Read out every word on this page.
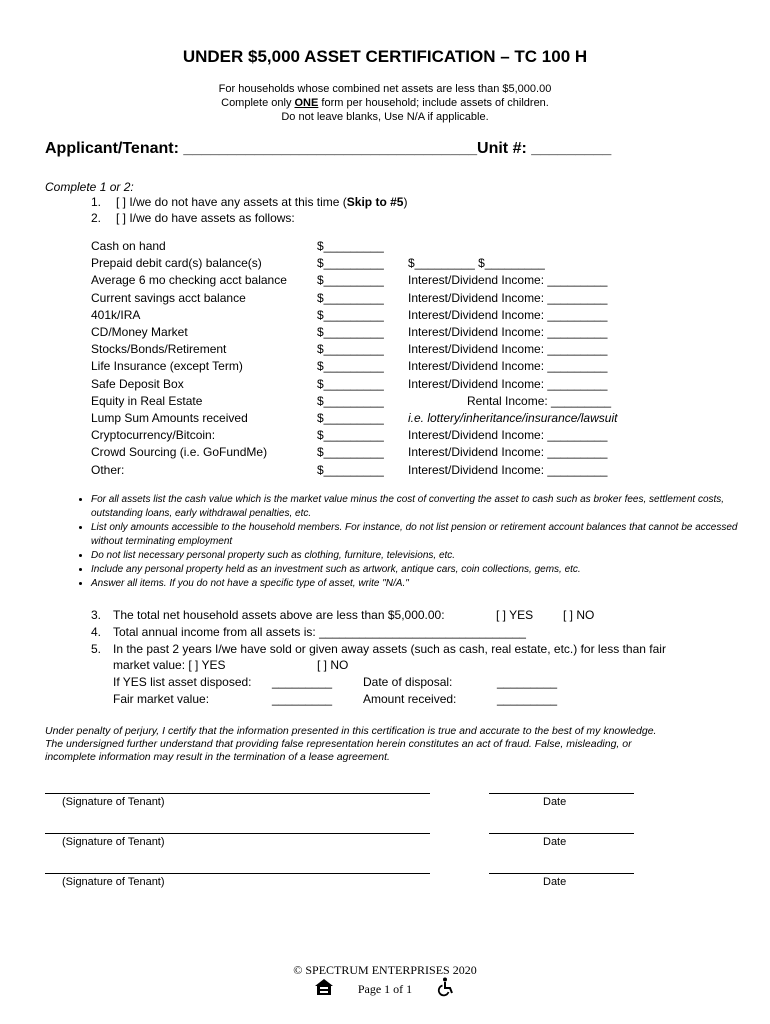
UNDER $5,000 ASSET CERTIFICATION – TC 100 H
For households whose combined net assets are less than $5,000.00
Complete only ONE form per household; include assets of children.
Do not leave blanks, Use N/A if applicable.
Applicant/Tenant: _________________________________Unit #: _________
Complete 1 or 2:
1. [ ] I/we do not have any assets at this time (Skip to #5)
2. [ ] I/we do have assets as follows:
Cash on hand	$_________
Prepaid debit card(s) balance(s)	$_________ $_________ $_________
Average 6 mo checking acct balance	$_________ Interest/Dividend Income: _________
Current savings acct balance	$_________ Interest/Dividend Income: _________
401k/IRA	$_________ Interest/Dividend Income: _________
CD/Money Market	$_________ Interest/Dividend Income: _________
Stocks/Bonds/Retirement	$_________ Interest/Dividend Income: _________
Life Insurance (except Term)	$_________ Interest/Dividend Income: _________
Safe Deposit Box	$_________ Interest/Dividend Income: _________
Equity in Real Estate	$_________	Rental Income: _________
Lump Sum Amounts received	$_________ i.e. lottery/inheritance/insurance/lawsuit
Cryptocurrency/Bitcoin:	$_________ Interest/Dividend Income: _________
Crowd Sourcing (i.e. GoFundMe)	$_________ Interest/Dividend Income: _________
Other:	$_________ Interest/Dividend Income: _________
• For all assets list the cash value which is the market value minus the cost of converting the asset to cash such as broker fees, settlement costs, outstanding loans, early withdrawal penalties, etc.
• List only amounts accessible to the household members. For instance, do not list pension or retirement account balances that cannot be accessed without terminating employment
• Do not list necessary personal property such as clothing, furniture, televisions, etc.
• Include any personal property held as an investment such as artwork, antique cars, coin collections, gems, etc.
• Answer all items. If you do not have a specific type of asset, write "N/A."
3. The total net household assets above are less than $5,000.00:	[ ] YES [ ] NO
4. Total annual income from all assets is: _______________________________
5. In the past 2 years I/we have sold or given away assets (such as cash, real estate, etc.) for less than fair
market value: [ ] YES	[ ] NO
If YES list asset disposed: _________	Date of disposal:	_________
Fair market value:	_________	Amount received:	_________
Under penalty of perjury, I certify that the information presented in this certification is true and accurate to the best of my knowledge.
The undersigned further understand that providing false representation herein constitutes an act of fraud. False, misleading, or
incomplete information may result in the termination of a lease agreement.
(Signature of Tenant)	Date
(Signature of Tenant)	Date
(Signature of Tenant)	Date
© SPECTRUM ENTERPRISES 2020
Page 1 of 1
